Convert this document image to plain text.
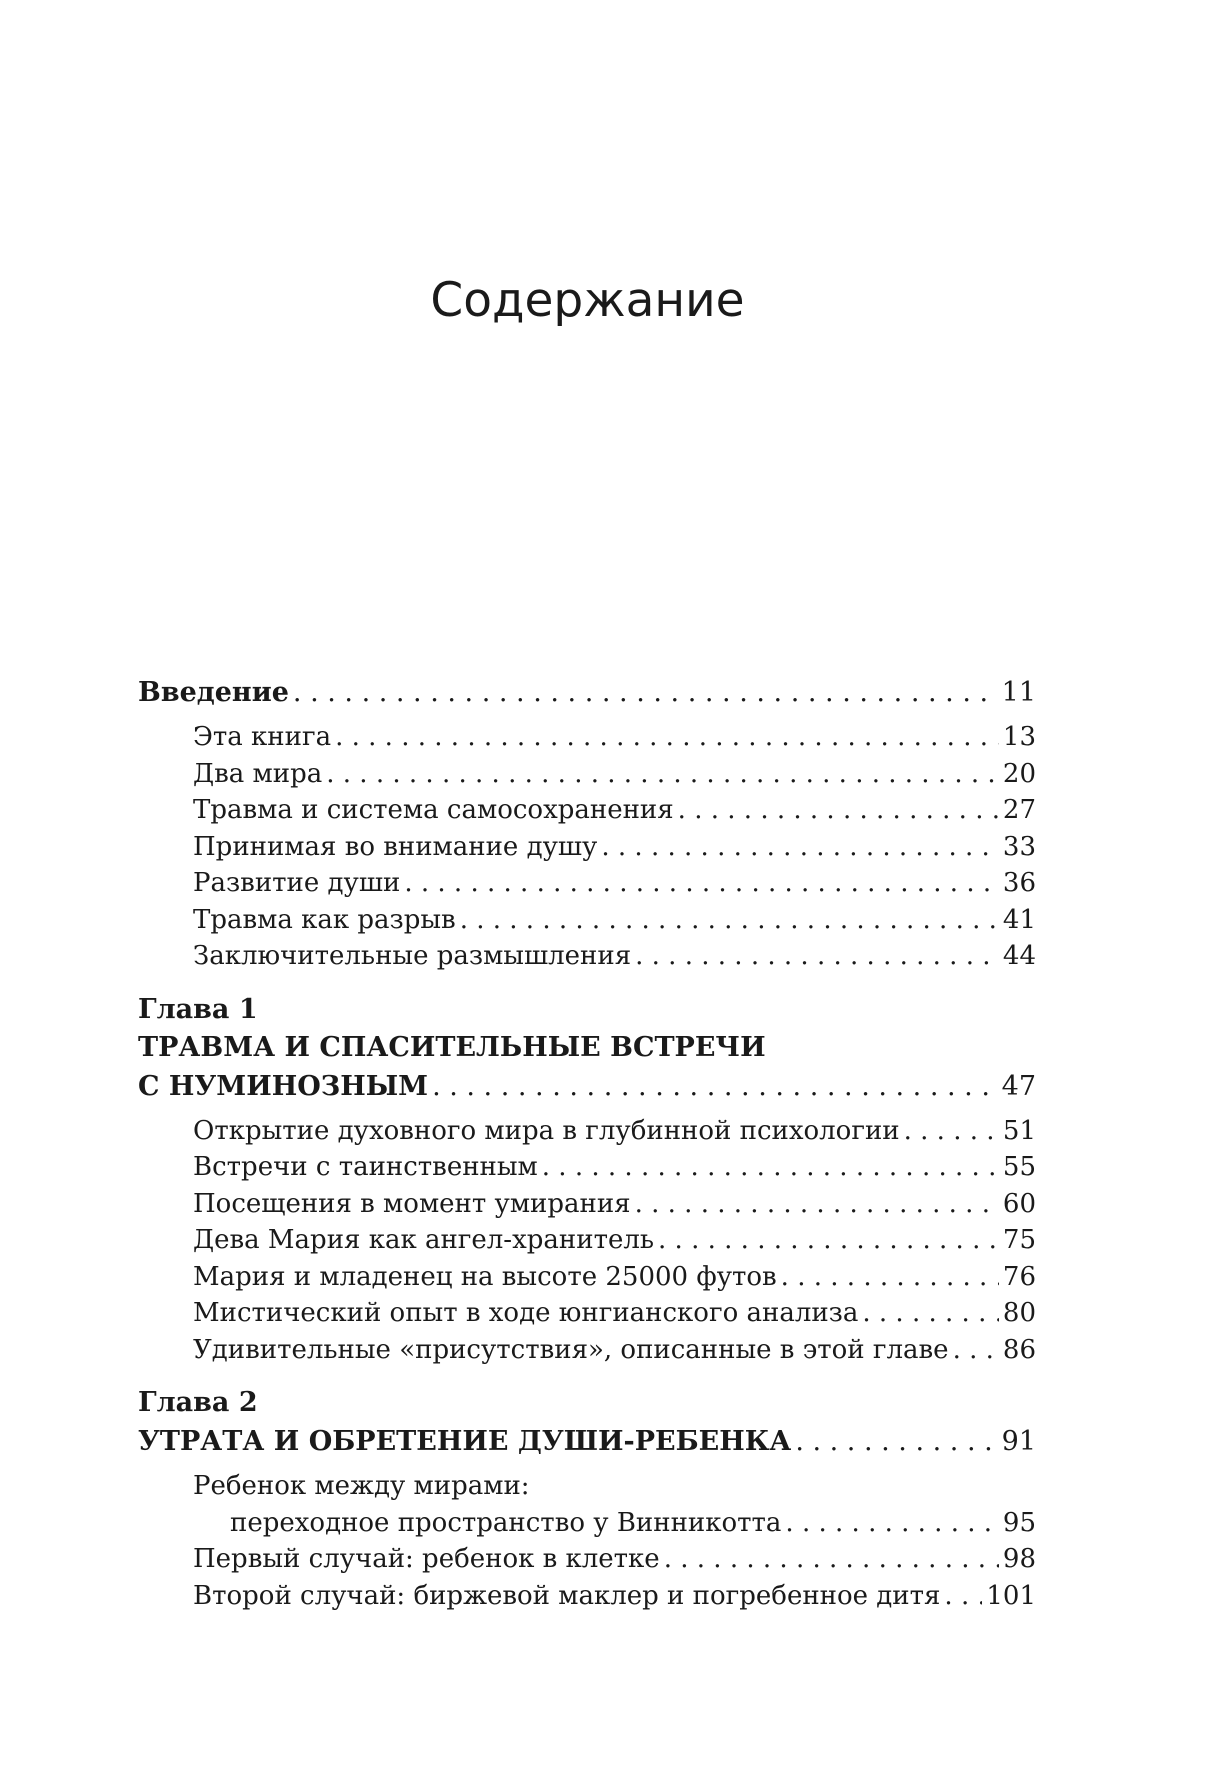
Содержание
Введение . . .	11
Эта книга . . .	13
Два мира . . .	20
Травма и система самосохранения . . .	27
Принимая во внимание душу . . .	33
Развитие души . . .	36
Травма как разрыв . . .	41
Заключительные размышления . . .	44
Глава 1
ТРАВМА И СПАСИТЕЛЬНЫЕ ВСТРЕЧИ
С НУМИНОЗНЫМ . . .	47
Открытие духовного мира в глубинной психологии . . .	51
Встречи с таинственным . . .	55
Посещения в момент умирания . . .	60
Дева Мария как ангел-хранитель . . .	75
Мария и младенец на высоте 25000 футов . . .	76
Мистический опыт в ходе юнгианского анализа . . .	80
Удивительные «присутствия», описанные в этой главе . . . 86
Глава 2
УТРАТА И ОБРЕТЕНИЕ ДУШИ-РЕБЕНКА . . .	91
Ребенок между мирами:
переходное пространство у Винникотта . . .	95
Первый случай: ребенок в клетке . . .	98
Второй случай: биржевой маклер и погребенное дитя . . . 101
